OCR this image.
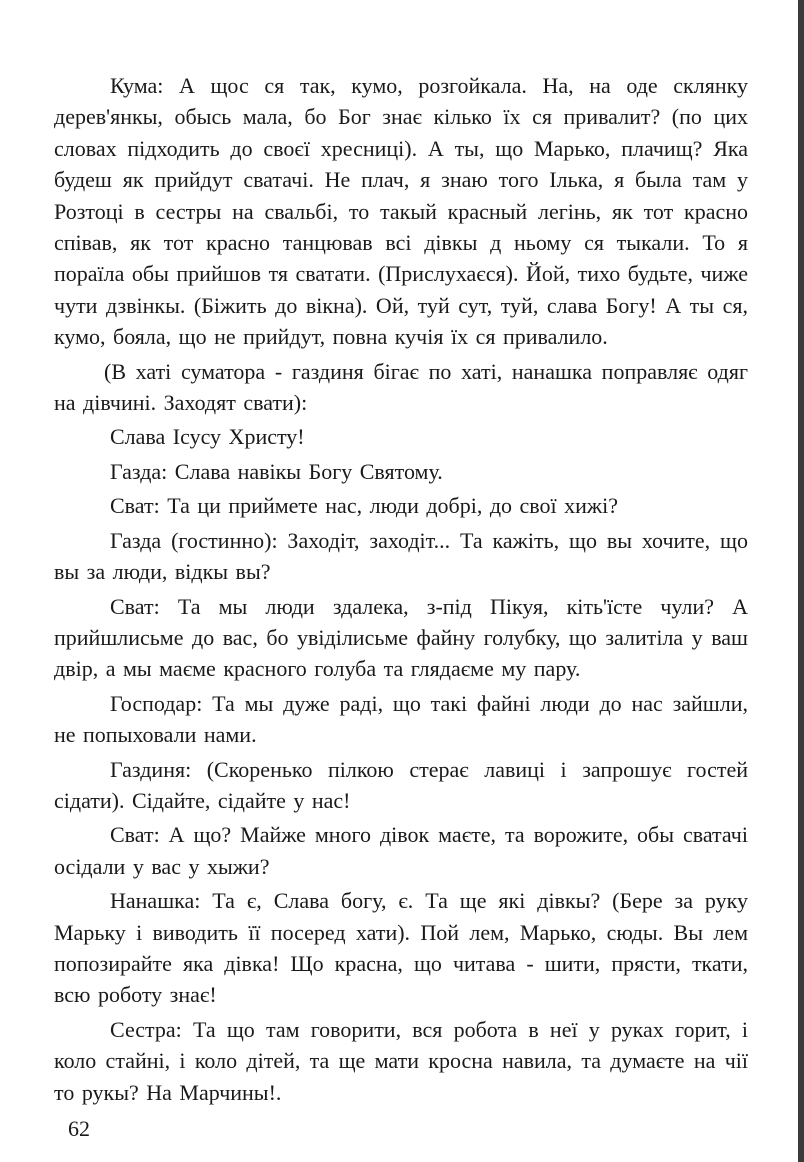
Кума: А щос ся так, кумо, розгойкала. На, на оде склянку дерев'янкы, обысь мала, бо Бог знає кілько їх ся привалит? (по цих словах підходить до своєї хресниці). А ты, що Марько, плачищ? Яка будеш як прийдут сватачі. Не плач, я знаю того Ілька, я была там у Розтоці в сестры на свальбі, то такый красный легінь, як тот красно співав, як тот красно танцював всі дівкы д ньому ся тыкали. То я пораїла обы прийшов тя сватати. (Прислухаєся). Йой, тихо будьте, чиже чути дзвінкы. (Біжить до вікна). Ой, туй сут, туй, слава Богу! А ты ся, кумо, бояла, що не прийдут, повна кучія їх ся привалило.

(В хаті суматора - газдиня бігає по хаті, нанашка поправляє одяг на дівчині. Заходят свати):

Слава Ісусу Христу!

Газда: Слава навікы Богу Святому.

Сват: Та ци приймете нас, люди добрі, до свої хижі?

Газда (гостинно): Заходіт, заходіт... Та кажіть, що вы хочите, що вы за люди, відкы вы?

Сват: Та мы люди здалека, з-під Пікуя, кіть'їсте чули? А прийшлисьме до вас, бо увіділисьме файну голубку, що залитіла у ваш двір, а мы маєме красного голуба та глядаєме му пару.

Господар: Та мы дуже раді, що такі файні люди до нас зайшли, не попыховали нами.

Газдиня: (Скоренько пілкою стерає лавиці і запрошує гостей сідати). Сідайте, сідайте у нас!

Сват: А що? Майже много дівок маєте, та ворожите, обы сватачі осідали у вас у хыжи?

Нанашка: Та є, Слава богу, є. Та ще які дівкы? (Бере за руку Марьку і виводить її посеред хати). Пой лем, Марько, сюды. Вы лем попозирайте яка дівка! Що красна, що читава - шити, прясти, ткати, всю роботу знає!

Сестра: Та що там говорити, вся робота в неї у руках горит, і коло стайні, і коло дітей, та ще мати кросна навила, та думаєте на чії то рукы? На Марчины!.

62
